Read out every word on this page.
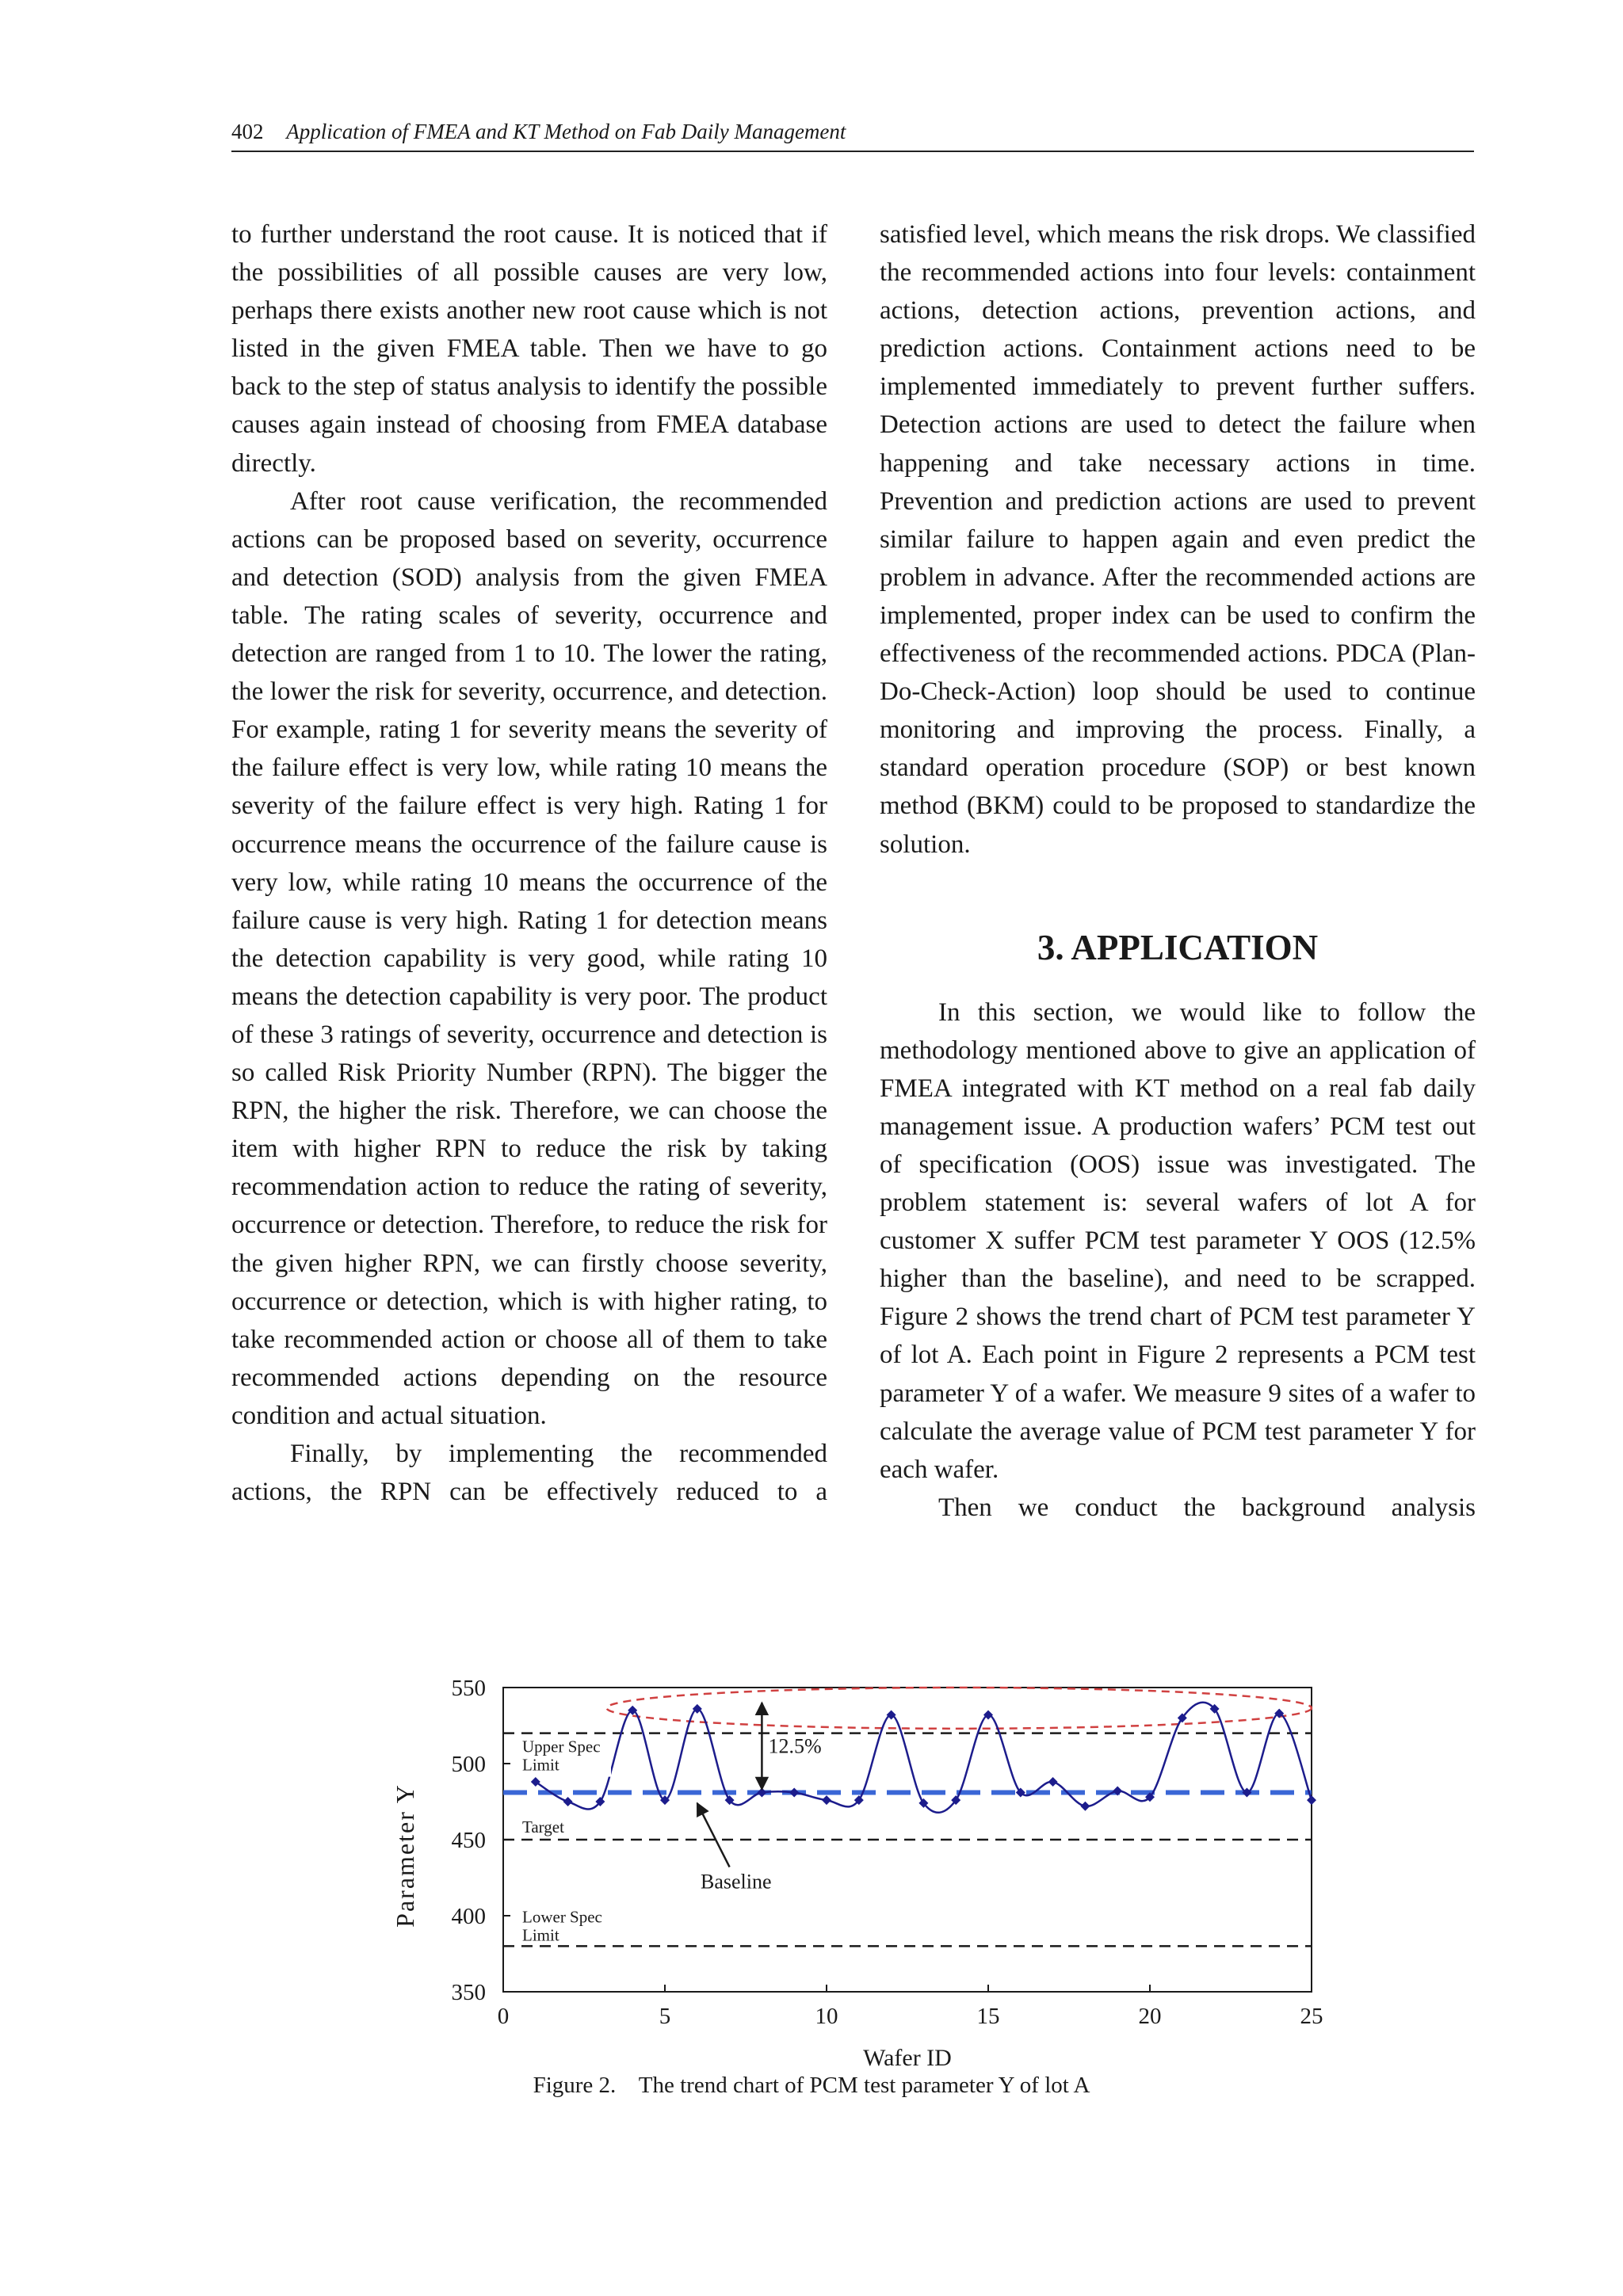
402 Application of FMEA and KT Method on Fab Daily Management

to further understand the root cause. It is noticed that if the possibilities of all possible causes are very low, perhaps there exists another new root cause which is not listed in the given FMEA table. Then we have to go back to the step of status analysis to identify the possible causes again instead of choosing from FMEA database directly.

After root cause verification, the recommended actions can be proposed based on severity, occurrence and detection (SOD) analysis from the given FMEA table. The rating scales of severity, occurrence and detection are ranged from 1 to 10. The lower the rating, the lower the risk for severity, occurrence, and detection. For example, rating 1 for severity means the severity of the failure effect is very low, while rating 10 means the severity of the failure effect is very high. Rating 1 for occurrence means the occurrence of the failure cause is very low, while rating 10 means the occurrence of the failure cause is very high. Rating 1 for detection means the detection capability is very good, while rating 10 means the detection capability is very poor. The product of these 3 ratings of severity, occurrence and detection is so called Risk Priority Number (RPN). The bigger the RPN, the higher the risk. Therefore, we can choose the item with higher RPN to reduce the risk by taking recommendation action to reduce the rating of severity, occurrence or detection. Therefore, to reduce the risk for the given higher RPN, we can firstly choose severity, occurrence or detection, which is with higher rating, to take recommended action or choose all of them to take recommended actions depending on the resource condition and actual situation.

Finally, by implementing the recommended actions, the RPN can be effectively reduced to a

satisfied level, which means the risk drops. We classified the recommended actions into four levels: containment actions, detection actions, prevention actions, and prediction actions. Containment actions need to be implemented immediately to prevent further suffers. Detection actions are used to detect the failure when happening and take necessary actions in time. Prevention and prediction actions are used to prevent similar failure to happen again and even predict the problem in advance. After the recommended actions are implemented, proper index can be used to confirm the effectiveness of the recommended actions. PDCA (Plan-Do-Check-Action) loop should be used to continue monitoring and improving the process. Finally, a standard operation procedure (SOP) or best known method (BKM) could to be proposed to standardize the solution.

3. APPLICATION

In this section, we would like to follow the methodology mentioned above to give an application of FMEA integrated with KT method on a real fab daily management issue. A production wafers’ PCM test out of specification (OOS) issue was investigated. The problem statement is: several wafers of lot A for customer X suffer PCM test parameter Y OOS (12.5% higher than the baseline), and need to be scrapped. Figure 2 shows the trend chart of PCM test parameter Y of lot A. Each point in Figure 2 represents a PCM test parameter Y of a wafer. We measure 9 sites of a wafer to calculate the average value of PCM test parameter Y for each wafer.

Then we conduct the background analysis

350
400
450
500
550
0	5	10	15	20	25
Wafer ID
Parameter Y
Upper Spec
Limit
Target
Lower Spec
Limit
Baseline
12.5%
Figure 2.    The trend chart of PCM test parameter Y of lot A
